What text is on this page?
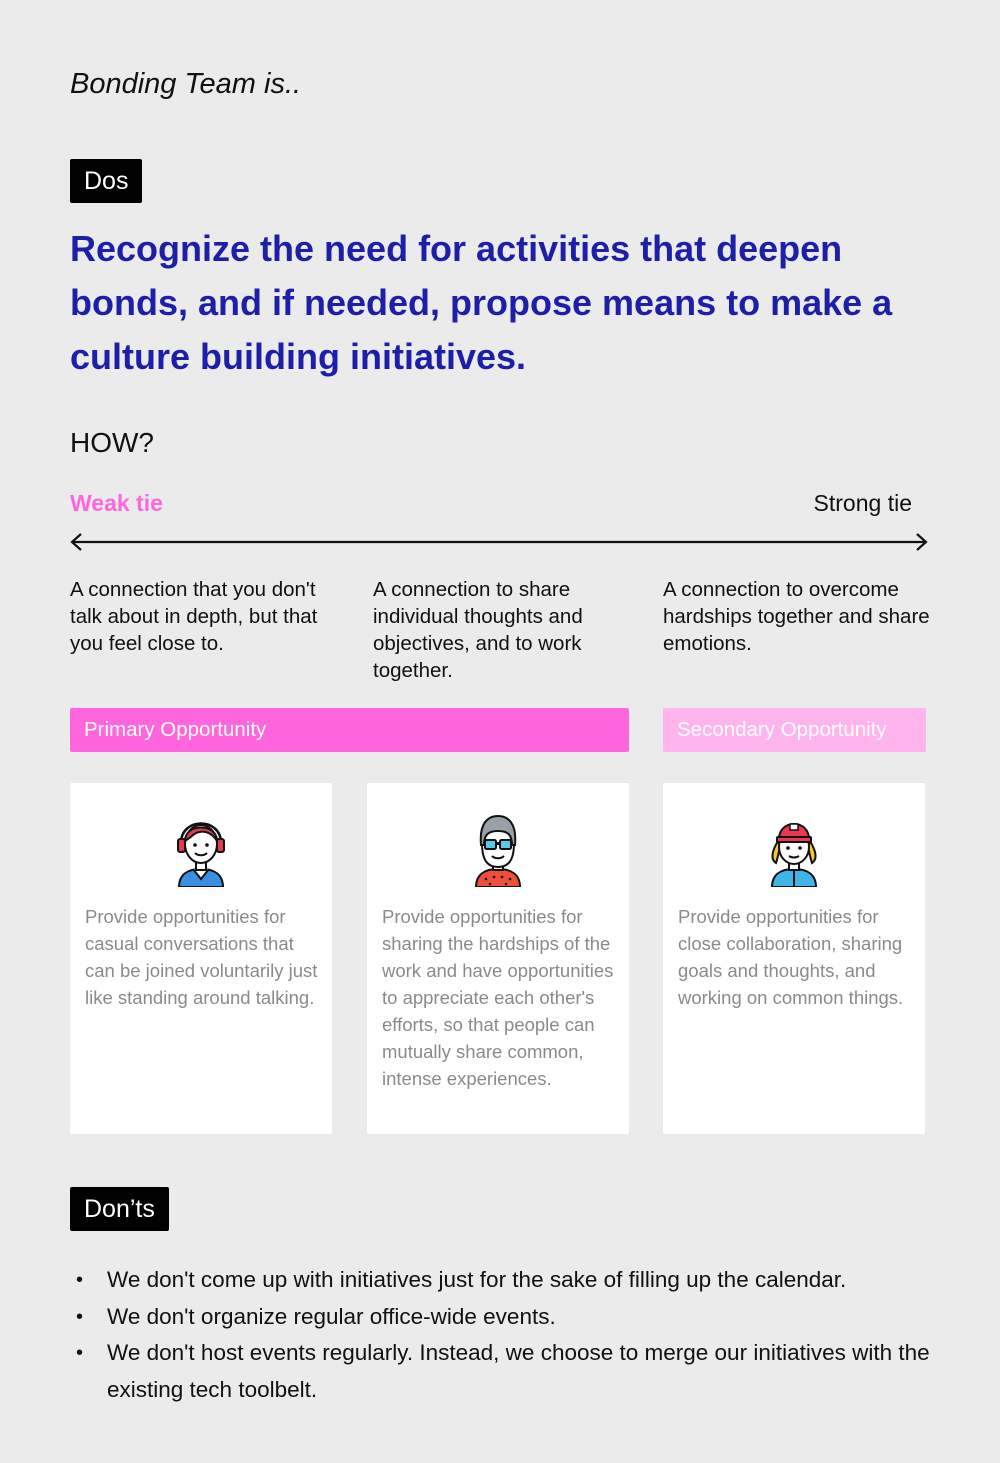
Bonding Team is..
Dos
Recognize the need for activities that deepen bonds, and if needed, propose means to make a culture building initiatives.
HOW?
Weak tie	Strong tie
A connection that you don't talk about in depth, but that you feel close to.
A connection to share individual thoughts and objectives, and to work together.
A connection to overcome hardships together and share emotions.
Primary Opportunity	Secondary Opportunity
Provide opportunities for casual conversations that can be joined voluntarily just like standing around talking.
Provide opportunities for sharing the hardships of the work and have opportunities to appreciate each other's efforts, so that people can mutually share common, intense experiences.
Provide opportunities for close collaboration, sharing goals and thoughts, and working on common things.
Don’ts
•	We don't come up with initiatives just for the sake of filling up the calendar.
•	We don't organize regular office-wide events.
•	We don't host events regularly. Instead, we choose to merge our initiatives with the existing tech toolbelt.
